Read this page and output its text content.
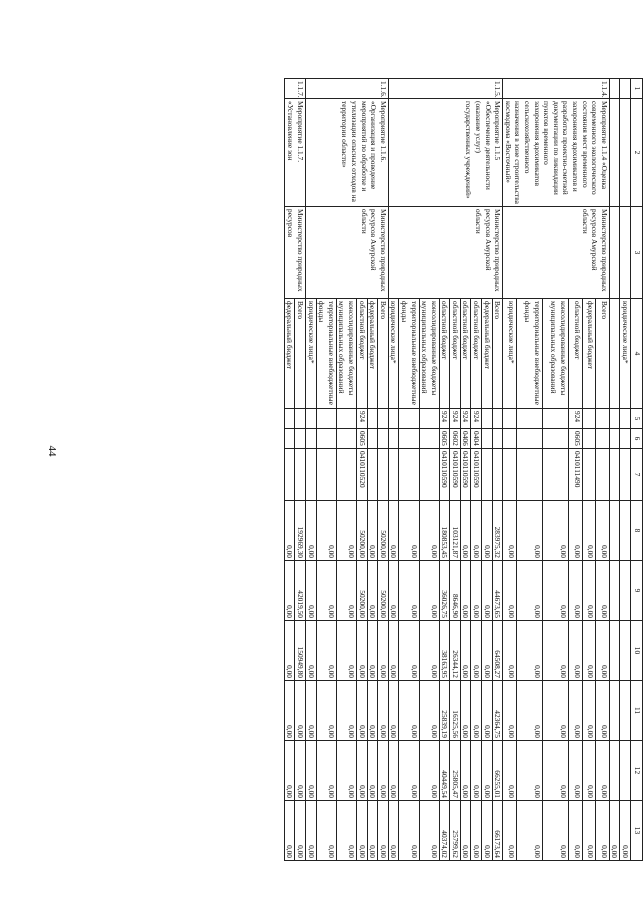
44
1	2	3	4	5	6	7	8	9	10	11	12	13
			юридические лица*									0,00
												0,00
1.1.4.	Мероприятие 1.1.4 «Оценка современного экологического состояния мест временного захоронения ядохимикатов и разработка проектно-сметной документации по ликвидации пунктов временного захоронения ядохимикатов сельскохозяйственного назначения в зоне строительства космодрома «Восточный»	Министерство природных ресурсов Амурской области	Всего				0,00	0,00	0,00	0,00	0,00	0,00
			федеральный бюджет				0,00	0,00	0,00	0,00	0,00	0,00
			областной бюджет	924	0605	0410111490	0,00	0,00	0,00	0,00	0,00	0,00
			консолидированные бюджеты муниципальных образований				0,00	0,00	0,00	0,00	0,00	0,00
			территориальные внебюджетные фонды				0,00	0,00	0,00	0,00	0,00	0,00
			юридические лица*				0,00	0,00	0,00	0,00	0,00	0,00
1.1.5.	Мероприятие 1.1.5 «Обеспечение деятельности (оказание услуг) государственных учреждений»	Министерство природных ресурсов Амурской области	Всего				283975,32	44673,65	64508,27	42364,75	66255,01	66173,64
			федеральный бюджет				0,00	0,00	0,00	0,00	0,00	0,00
			областной бюджет	924	0404	0410110590	0,00	0,00	0,00	0,00	0,00	0,00
			областной бюджет	924	0406	0410110590	0,00	0,00	0,00	0,00	0,00	0,00
			областной бюджет	924	0602	0410110590	103121,87	8646,90	26344,12	16525,56	25805,47	25799,62
			областной бюджет	924	0605	0410110590	180853,45	36026,75	38163,95	25839,19	40449,54	40374,02
			консолидированные бюджеты муниципальных образований				0,00	0,00	0,00	0,00	0,00	0,00
			территориальные внебюджетные фонды				0,00	0,00	0,00	0,00	0,00	0,00
			юридические лица*				0,00	0,00	0,00	0,00	0,00	0,00
1.1.6.	Мероприятие 1.1.6. «Организация и проведение мероприятий по обработке и утилизации опасных отходов на территории области»	Министерство природных ресурсов Амурской области	Всего				50200,00	50200,00	0,00	0,00	0,00	0,00
			федеральный бюджет				0,00	0,00	0,00	0,00	0,00	0,00
			областной бюджет	924	0605	0410110520	50200,00	50200,00	0,00	0,00	0,00	0,00
			консолидированные бюджеты муниципальных образований				0,00	0,00	0,00	0,00	0,00	0,00
			территориальные внебюджетные фонды				0,00	0,00	0,00	0,00	0,00	0,00
			юридические лица*				0,00	0,00	0,00	0,00	0,00	0,00
1.1.7.	Мероприятие 1.1.7. «Установление зон	Министерство природных ресурсов	Всего				192969,30	42019,50	150949,80	0,00	0,00	0,00
			федеральный бюджет				0,00	0,00	0,00	0,00	0,00	0,00
